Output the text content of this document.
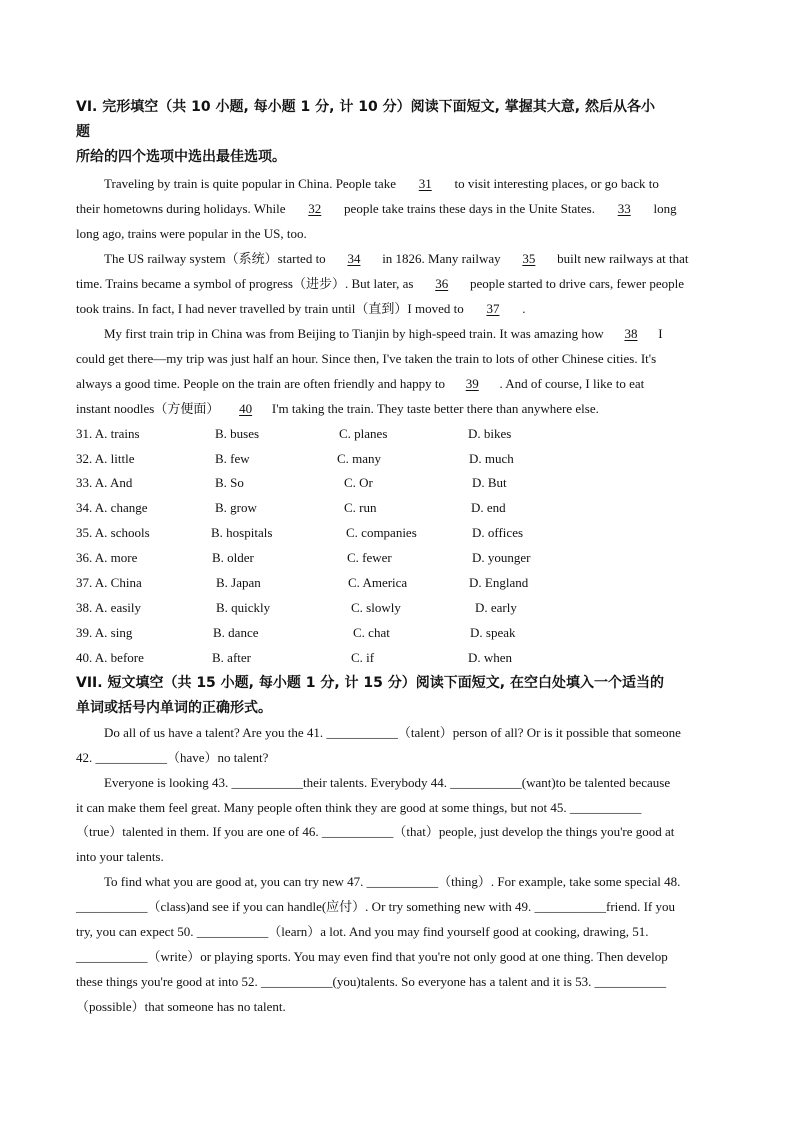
VI. 完形填空（共 10 小题, 每小题 1 分, 计 10 分）阅读下面短文, 掌握其大意, 然后从各小
题
所给的四个选项中选出最佳选项。
Traveling by train is quite popular in China. People take 31 to visit interesting places, or go back to
their hometowns during holidays. While 32 people take trains these days in the Unite States. 33 long
long ago, trains were popular in the US, too.
The US railway system（系统）started to 34 in 1826. Many railway 35 built new railways at that
time. Trains became a symbol of progress（进步）. But later, as 36 people started to drive cars, fewer people
took trains. In fact, I had never travelled by train until（直到）I moved to 37 .
My first train trip in China was from Beijing to Tianjin by high-speed train. It was amazing how 38 I
could get there—my trip was just half an hour. Since then, I've taken the train to lots of other Chinese cities. It's
always a good time. People on the train are often friendly and happy to 39 . And of course, I like to eat
instant noodles（方便面） 40 I'm taking the train. They taste better there than anywhere else.
31. A. trains	B. buses	C. planes	D. bikes
32. A. little	B. few	C. many	D. much
33. A. And	B. So	C. Or	D. But
34. A. change	B. grow	C. run	D. end
35. A. schools	B. hospitals	C. companies	D. offices
36. A. more	B. older	C. fewer	D. younger
37. A. China	B. Japan	C. America	D. England
38. A. easily	B. quickly	C. slowly	D. early
39. A. sing	B. dance	C. chat	D. speak
40. A. before	B. after	C. if	D. when
VII. 短文填空（共 15 小题, 每小题 1 分, 计 15 分）阅读下面短文, 在空白处填入一个适当的
单词或括号内单词的正确形式。
Do all of us have a talent? Are you the 41. ___________（talent）person of all? Or is it possible that someone
42. ___________（have）no talent?
Everyone is looking 43. ___________their talents. Everybody 44. ___________(want)to be talented because
it can make them feel great. Many people often think they are good at some things, but not 45. ___________
（true）talented in them. If you are one of 46. ___________（that）people, just develop the things you're good at
into your talents.
To find what you are good at, you can try new 47. ___________（thing）. For example, take some special 48.
___________（class)and see if you can handle(应付）. Or try something new with 49. ___________friend. If you
try, you can expect 50. ___________（learn）a lot. And you may find yourself good at cooking, drawing, 51.
___________（write）or playing sports. You may even find that you're not only good at one thing. Then develop
these things you're good at into 52. ___________(you)talents. So everyone has a talent and it is 53. ___________
（possible）that someone has no talent.
